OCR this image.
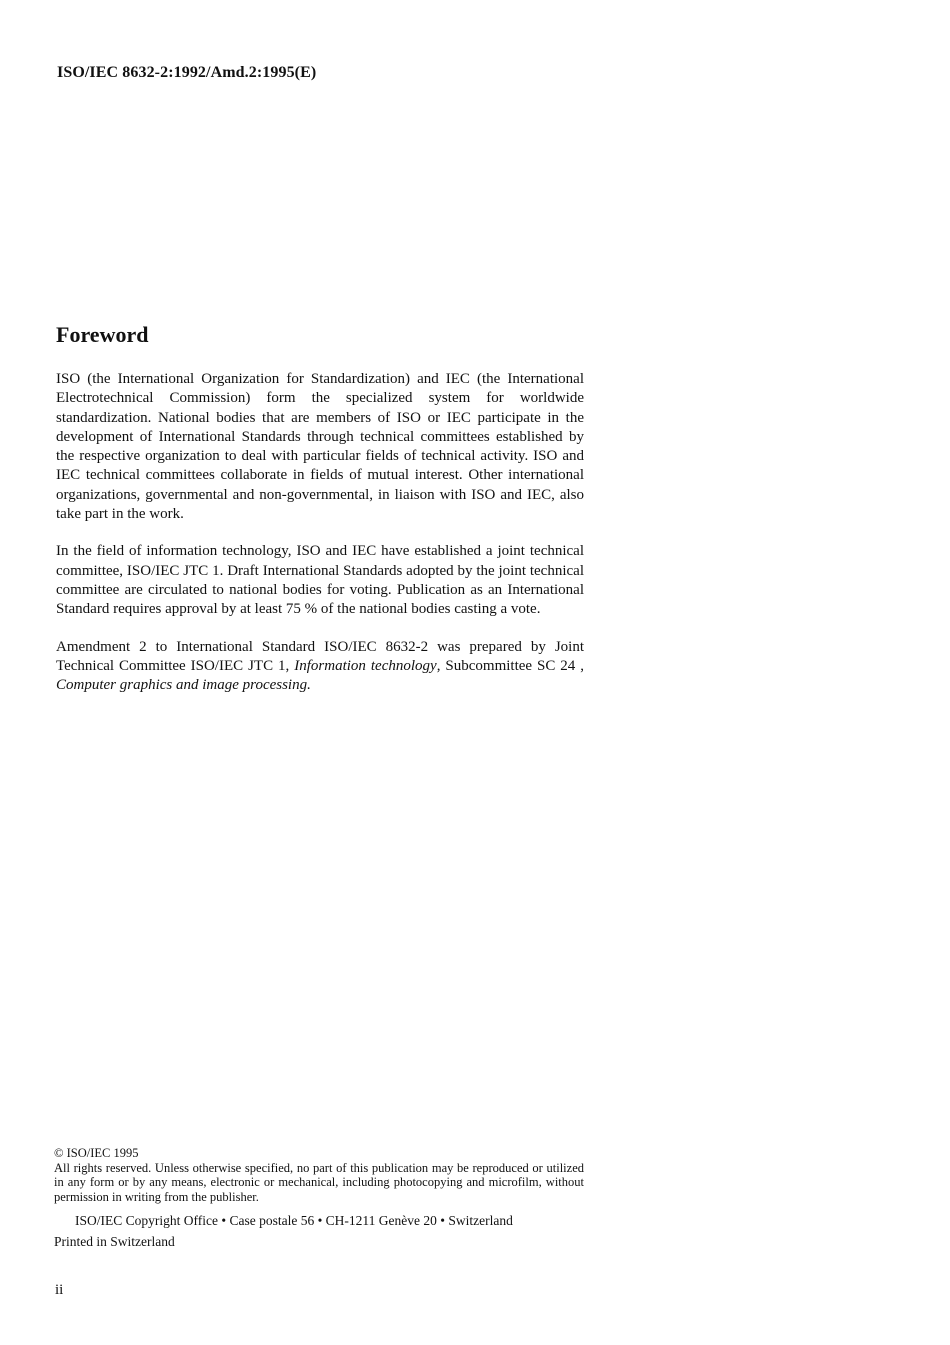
ISO/IEC 8632-2:1992/Amd.2:1995(E)
Foreword

ISO (the International Organization for Standardization) and IEC (the International Electrotechnical Commission) form the specialized system for worldwide standardization. National bodies that are members of ISO or IEC participate in the development of International Standards through technical committees established by the respective organization to deal with particular fields of technical activity. ISO and IEC technical committees collaborate in fields of mutual interest. Other international organizations, governmental and non-governmental, in liaison with ISO and IEC, also take part in the work.

In the field of information technology, ISO and IEC have established a joint technical committee, ISO/IEC JTC 1. Draft International Standards adopted by the joint technical committee are circulated to national bodies for voting. Publication as an International Standard requires approval by at least 75 % of the national bodies casting a vote.

Amendment 2 to International Standard ISO/IEC 8632-2 was prepared by Joint Technical Committee ISO/IEC JTC 1, Information technology, Subcommittee SC 24 , Computer graphics and image processing.

© ISO/IEC 1995
All rights reserved. Unless otherwise specified, no part of this publication may be reproduced or utilized in any form or by any means, electronic or mechanical, including photocopying and microfilm, without permission in writing from the publisher.
ISO/IEC Copyright Office • Case postale 56 • CH-1211 Genève 20 • Switzerland
Printed in Switzerland
ii
